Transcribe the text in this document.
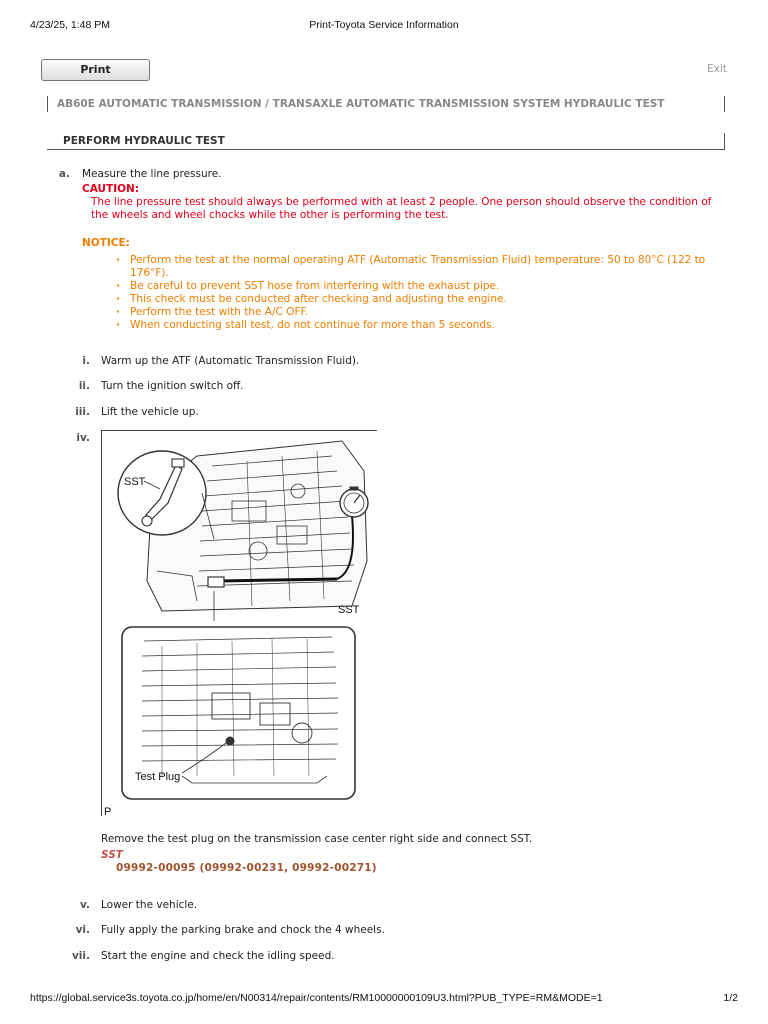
4/23/25, 1:48 PM	Print-Toyota Service Information
Print	Exit
AB60E AUTOMATIC TRANSMISSION / TRANSAXLE AUTOMATIC TRANSMISSION SYSTEM HYDRAULIC TEST
PERFORM HYDRAULIC TEST
a. Measure the line pressure.
CAUTION:
The line pressure test should always be performed with at least 2 people. One person should observe the condition of the wheels and wheel chocks while the other is performing the test.
NOTICE:
· Perform the test at the normal operating ATF (Automatic Transmission Fluid) temperature: 50 to 80°C (122 to 176°F).
· Be careful to prevent SST hose from interfering with the exhaust pipe.
· This check must be conducted after checking and adjusting the engine.
· Perform the test with the A/C OFF.
· When conducting stall test, do not continue for more than 5 seconds.
i. Warm up the ATF (Automatic Transmission Fluid).
ii. Turn the ignition switch off.
iii. Lift the vehicle up.
iv.
SST
SST
Test Plug
P
Remove the test plug on the transmission case center right side and connect SST.
SST
09992-00095 (09992-00231, 09992-00271)
v. Lower the vehicle.
vi. Fully apply the parking brake and chock the 4 wheels.
vii. Start the engine and check the idling speed.
https://global.service3s.toyota.co.jp/home/en/N00314/repair/contents/RM10000000109U3.html?PUB_TYPE=RM&MODE=1	1/2
